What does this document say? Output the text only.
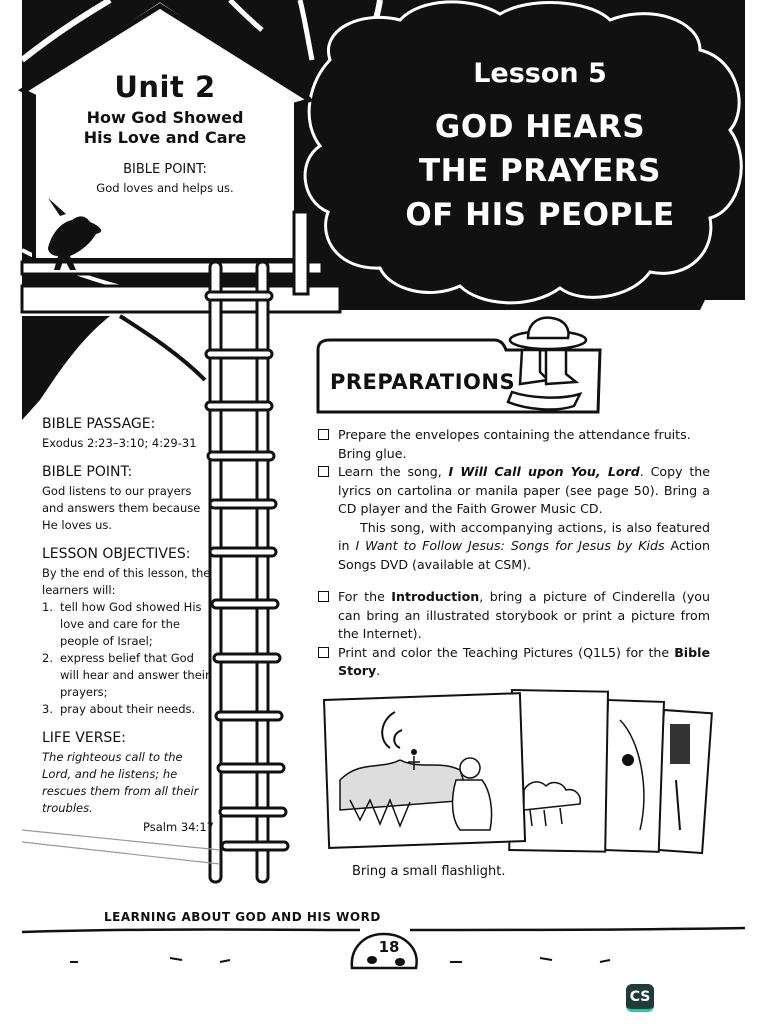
Unit 2
How God Showed
His Love and Care
BIBLE POINT:
God loves and helps us.
Lesson 5
GOD HEARS
THE PRAYERS
OF HIS PEOPLE
BIBLE PASSAGE:
Exodus 2:23–3:10; 4:29-31
BIBLE POINT:
God listens to our prayers and answers them because He loves us.
LESSON OBJECTIVES:
By the end of this lesson, the learners will:
1. tell how God showed His love and care for the people of Israel;
2. express belief that God will hear and answer their prayers;
3. pray about their needs.
LIFE VERSE:
The righteous call to the Lord, and he listens; he rescues them from all their troubles.
Psalm 34:17
PREPARATIONS
Prepare the envelopes containing the attendance fruits.
Bring glue.
Learn the song, I Will Call upon You, Lord. Copy the lyrics on cartolina or manila paper (see page 50). Bring a CD player and the Faith Grower Music CD.
This song, with accompanying actions, is also featured in I Want to Follow Jesus: Songs for Jesus by Kids Action Songs DVD (available at CSM).
For the Introduction, bring a picture of Cinderella (you can bring an illustrated storybook or print a picture from the Internet).
Print and color the Teaching Pictures (Q1L5) for the Bible Story.
Bring a small flashlight.
LEARNING ABOUT GOD AND HIS WORD
18
CS
